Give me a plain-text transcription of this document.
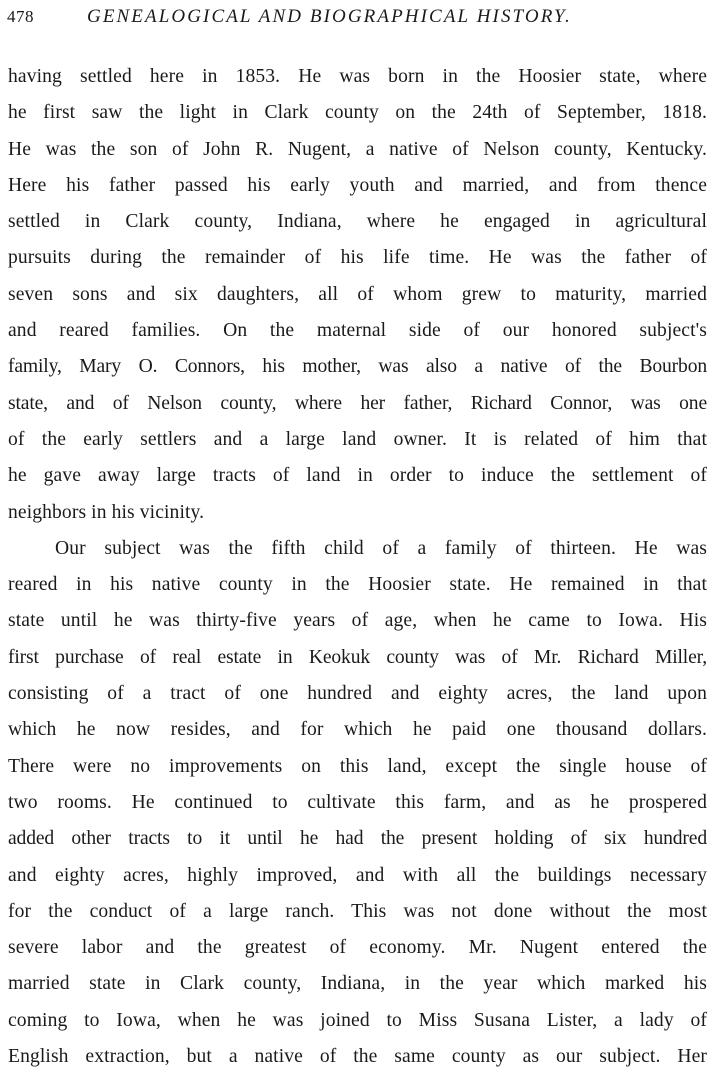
478	GENEALOGICAL AND BIOGRAPHICAL HISTORY.
having settled here in 1853. He was born in the Hoosier state, where
he first saw the light in Clark county on the 24th of September, 1818.
He was the son of John R. Nugent, a native of Nelson county, Kentucky.
Here his father passed his early youth and married, and from thence
settled in Clark county, Indiana, where he engaged in agricultural
pursuits during the remainder of his life time. He was the father of
seven sons and six daughters, all of whom grew to maturity, married
and reared families. On the maternal side of our honored subject's
family, Mary O. Connors, his mother, was also a native of the Bourbon
state, and of Nelson county, where her father, Richard Connor, was one
of the early settlers and a large land owner. It is related of him that
he gave away large tracts of land in order to induce the settlement of
neighbors in his vicinity.
Our subject was the fifth child of a family of thirteen. He was
reared in his native county in the Hoosier state. He remained in that
state until he was thirty-five years of age, when he came to Iowa. His
first purchase of real estate in Keokuk county was of Mr. Richard Miller,
consisting of a tract of one hundred and eighty acres, the land upon
which he now resides, and for which he paid one thousand dollars.
There were no improvements on this land, except the single house of
two rooms. He continued to cultivate this farm, and as he prospered
added other tracts to it until he had the present holding of six hundred
and eighty acres, highly improved, and with all the buildings necessary
for the conduct of a large ranch. This was not done without the most
severe labor and the greatest of economy. Mr. Nugent entered the
married state in Clark county, Indiana, in the year which marked his
coming to Iowa, when he was joined to Miss Susana Lister, a lady of
English extraction, but a native of the same county as our subject. Her
